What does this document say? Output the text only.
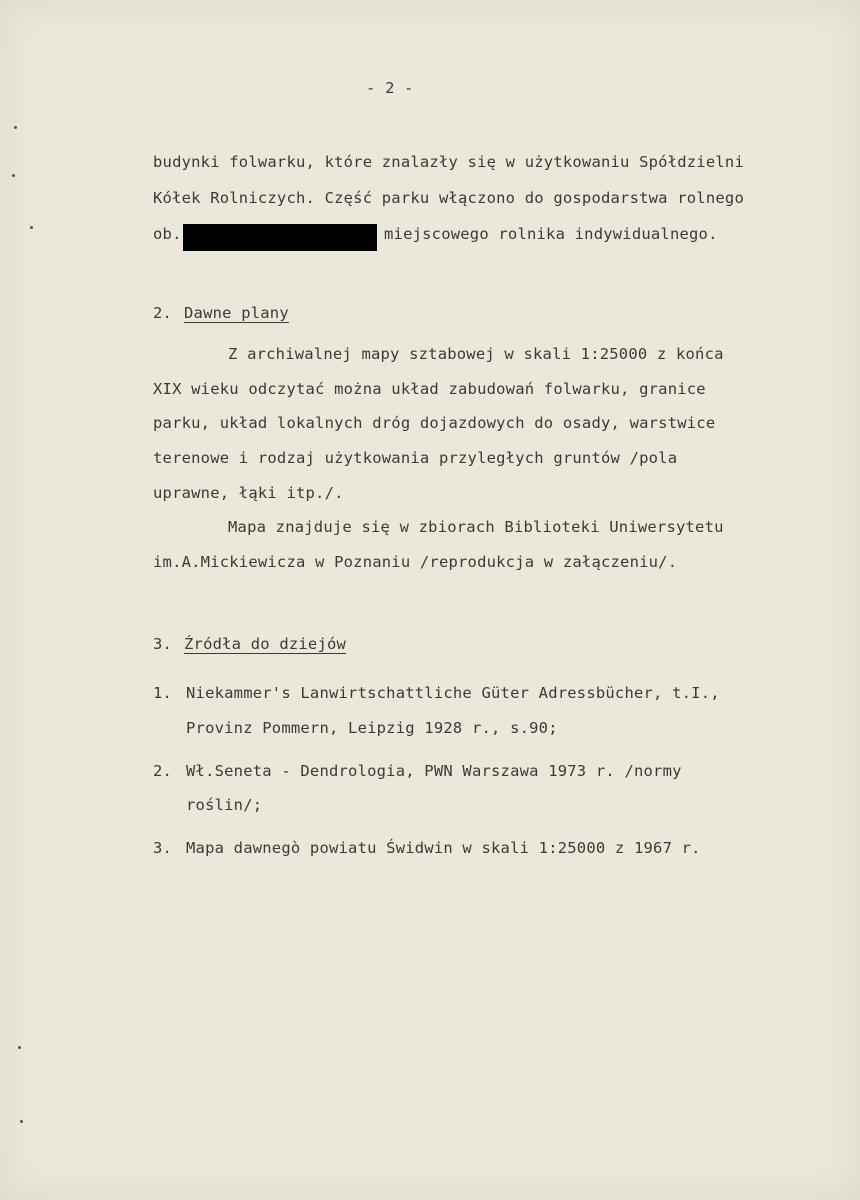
- 2 -
budynki folwarku, które znalazły się w użytkowaniu Spółdzielni
Kółek Rolniczych. Część parku włączono do gospodarstwa rolnego
ob.	miejscowego rolnika indywidualnego.
2. Dawne plany
Z archiwalnej mapy sztabowej w skali 1:25000 z końca
XIX wieku odczytać można układ zabudowań folwarku, granice
parku, układ lokalnych dróg dojazdowych do osady, warstwice
terenowe i rodzaj użytkowania przyległych gruntów /pola
uprawne, łąki itp./.
Mapa znajduje się w zbiorach Biblioteki Uniwersytetu
im.A.Mickiewicza w Poznaniu /reprodukcja w załączeniu/.
3. Źródła do dziejów
1. Niekammer's Lanwirtschattliche Güter Adressbücher, t.I.,
Provinz Pommern, Leipzig 1928 r., s.90;
2. Wł.Seneta - Dendrologia, PWN Warszawa 1973 r. /normy
roślin/;
3. Mapa dawnegò powiatu Świdwin w skali 1:25000 z 1967 r.
